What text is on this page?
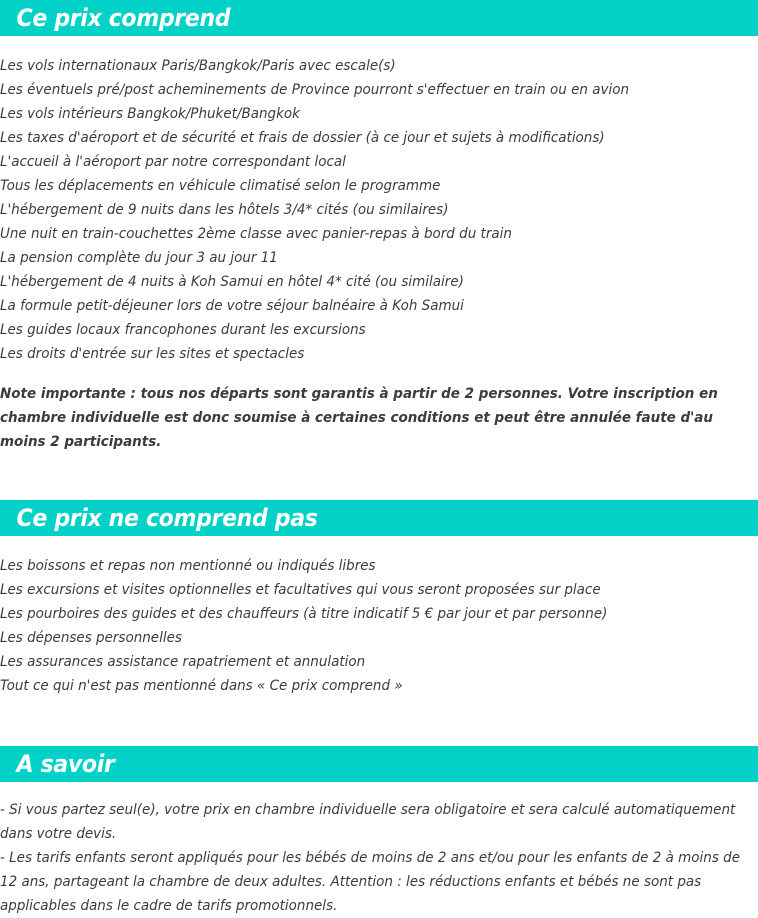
Ce prix comprend
Les vols internationaux Paris/Bangkok/Paris avec escale(s)
Les éventuels pré/post acheminements de Province pourront s'effectuer en train ou en avion
Les vols intérieurs Bangkok/Phuket/Bangkok
Les taxes d'aéroport et de sécurité et frais de dossier (à ce jour et sujets à modifications)
L'accueil à l'aéroport par notre correspondant local
Tous les déplacements en véhicule climatisé selon le programme
L'hébergement de 9 nuits dans les hôtels 3/4* cités (ou similaires)
Une nuit en train-couchettes 2ème classe avec panier-repas à bord du train
La pension complète du jour 3 au jour 11
L'hébergement de 4 nuits à Koh Samui en hôtel 4* cité (ou similaire)
La formule petit-déjeuner lors de votre séjour balnéaire à Koh Samui
Les guides locaux francophones durant les excursions
Les droits d'entrée sur les sites et spectacles
Note importante : tous nos départs sont garantis à partir de 2 personnes. Votre inscription en chambre individuelle est donc soumise à certaines conditions et peut être annulée faute d'au moins 2 participants.
Ce prix ne comprend pas
Les boissons et repas non mentionné ou indiqués libres
Les excursions et visites optionnelles et facultatives qui vous seront proposées sur place
Les pourboires des guides et des chauffeurs (à titre indicatif 5 € par jour et par personne)
Les dépenses personnelles
Les assurances assistance rapatriement et annulation
Tout ce qui n'est pas mentionné dans « Ce prix comprend »
A savoir
- Si vous partez seul(e), votre prix en chambre individuelle sera obligatoire et sera calculé automatiquement dans votre devis.
- Les tarifs enfants seront appliqués pour les bébés de moins de 2 ans et/ou pour les enfants de 2 à moins de 12 ans, partageant la chambre de deux adultes. Attention : les réductions enfants et bébés ne sont pas applicables dans le cadre de tarifs promotionnels.
